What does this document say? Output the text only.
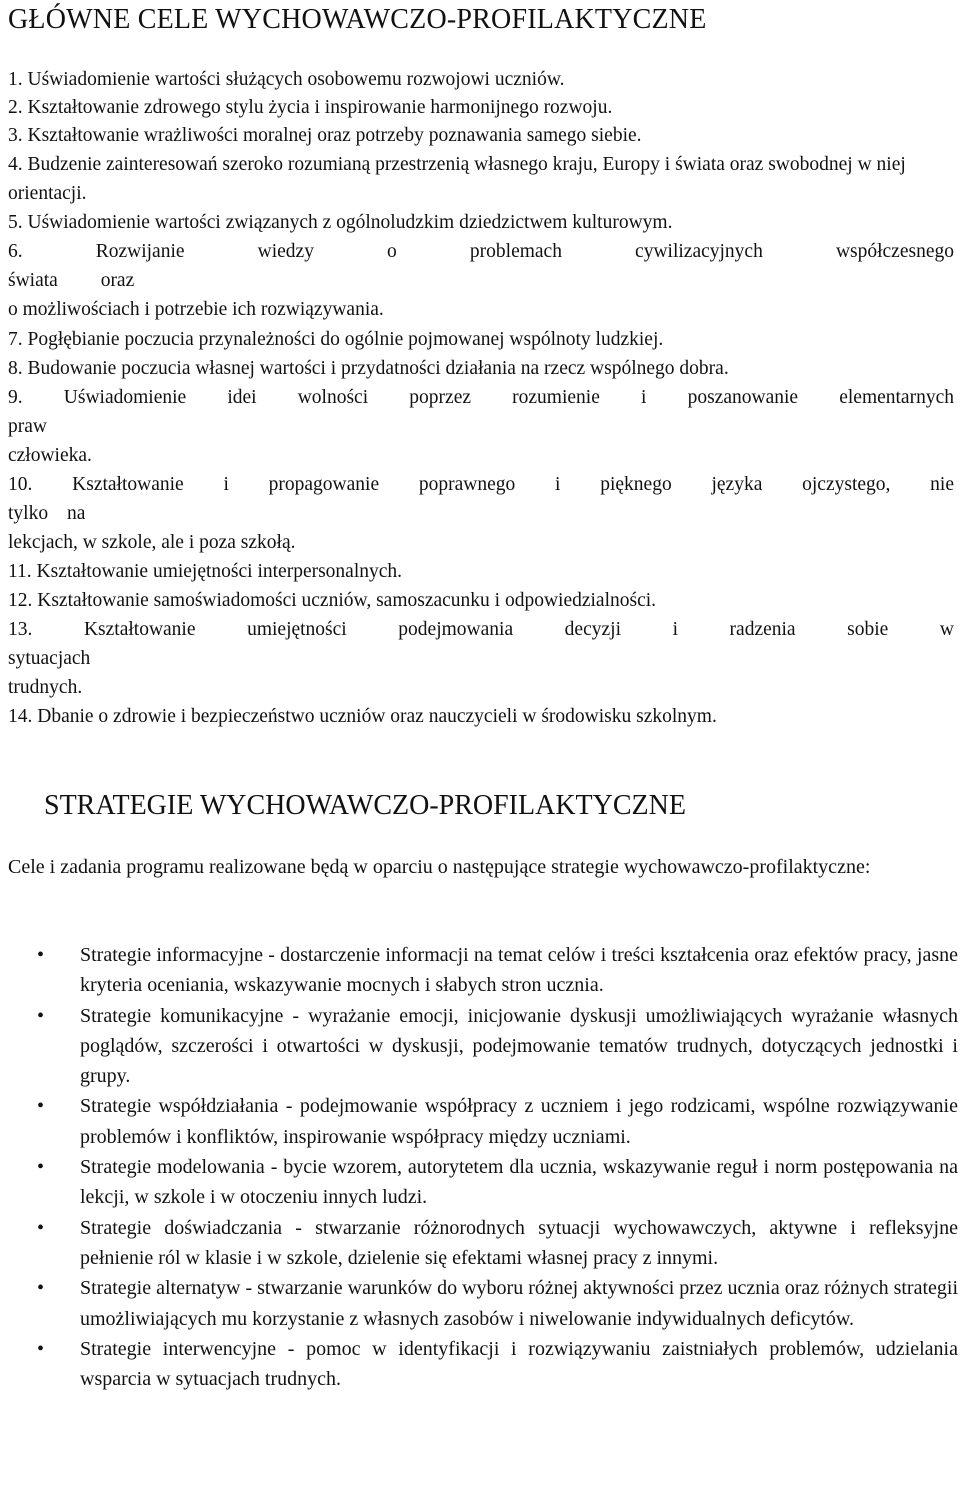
GŁÓWNE CELE WYCHOWAWCZO-PROFILAKTYCZNE
1. Uświadomienie wartości służących osobowemu rozwojowi uczniów.
2. Kształtowanie zdrowego stylu życia i inspirowanie harmonijnego rozwoju.
3. Kształtowanie wrażliwości moralnej oraz potrzeby poznawania samego siebie.
4. Budzenie zainteresowań szeroko rozumianą przestrzenią własnego kraju, Europy i świata oraz swobodnej w niej orientacji.
5. Uświadomienie wartości związanych z ogólnoludzkim dziedzictwem kulturowym.
6. Rozwijanie wiedzy o problemach cywilizacyjnych współczesnego
świata oraz
o możliwościach i potrzebie ich rozwiązywania.
7. Pogłębianie poczucia przynależności do ogólnie pojmowanej wspólnoty ludzkiej.
8. Budowanie poczucia własnej wartości i przydatności działania na rzecz wspólnego dobra.
9. Uświadomienie idei wolności poprzez rozumienie i poszanowanie elementarnych
praw
człowieka.
10. Kształtowanie i propagowanie poprawnego i pięknego języka ojczystego, nie
tylko na
lekcjach, w szkole, ale i poza szkołą.
11. Kształtowanie umiejętności interpersonalnych.
12. Kształtowanie samoświadomości uczniów, samoszacunku i odpowiedzialności.
13. Kształtowanie umiejętności podejmowania decyzji i radzenia sobie w
sytuacjach
trudnych.
14. Dbanie o zdrowie i bezpieczeństwo uczniów oraz nauczycieli w środowisku szkolnym.
STRATEGIE WYCHOWAWCZO-PROFILAKTYCZNE
Cele i zadania programu realizowane będą w oparciu o następujące strategie wychowawczo-profilaktyczne:
• Strategie informacyjne - dostarczenie informacji na temat celów i treści kształcenia oraz efektów pracy, jasne kryteria oceniania, wskazywanie mocnych i słabych stron ucznia.
• Strategie komunikacyjne - wyrażanie emocji, inicjowanie dyskusji umożliwiających wyrażanie własnych poglądów, szczerości i otwartości w dyskusji, podejmowanie tematów trudnych, dotyczących jednostki i grupy.
• Strategie współdziałania - podejmowanie współpracy z uczniem i jego rodzicami, wspólne rozwiązywanie problemów i konfliktów, inspirowanie współpracy między uczniami.
• Strategie modelowania - bycie wzorem, autorytetem dla ucznia, wskazywanie reguł i norm postępowania na lekcji, w szkole i w otoczeniu innych ludzi.
• Strategie doświadczania - stwarzanie różnorodnych sytuacji wychowawczych, aktywne i refleksyjne pełnienie ról w klasie i w szkole, dzielenie się efektami własnej pracy z innymi.
• Strategie alternatyw - stwarzanie warunków do wyboru różnej aktywności przez ucznia oraz różnych strategii umożliwiających mu korzystanie z własnych zasobów i niwelowanie indywidualnych deficytów.
• Strategie interwencyjne - pomoc w identyfikacji i rozwiązywaniu zaistniałych problemów, udzielania wsparcia w sytuacjach trudnych.
